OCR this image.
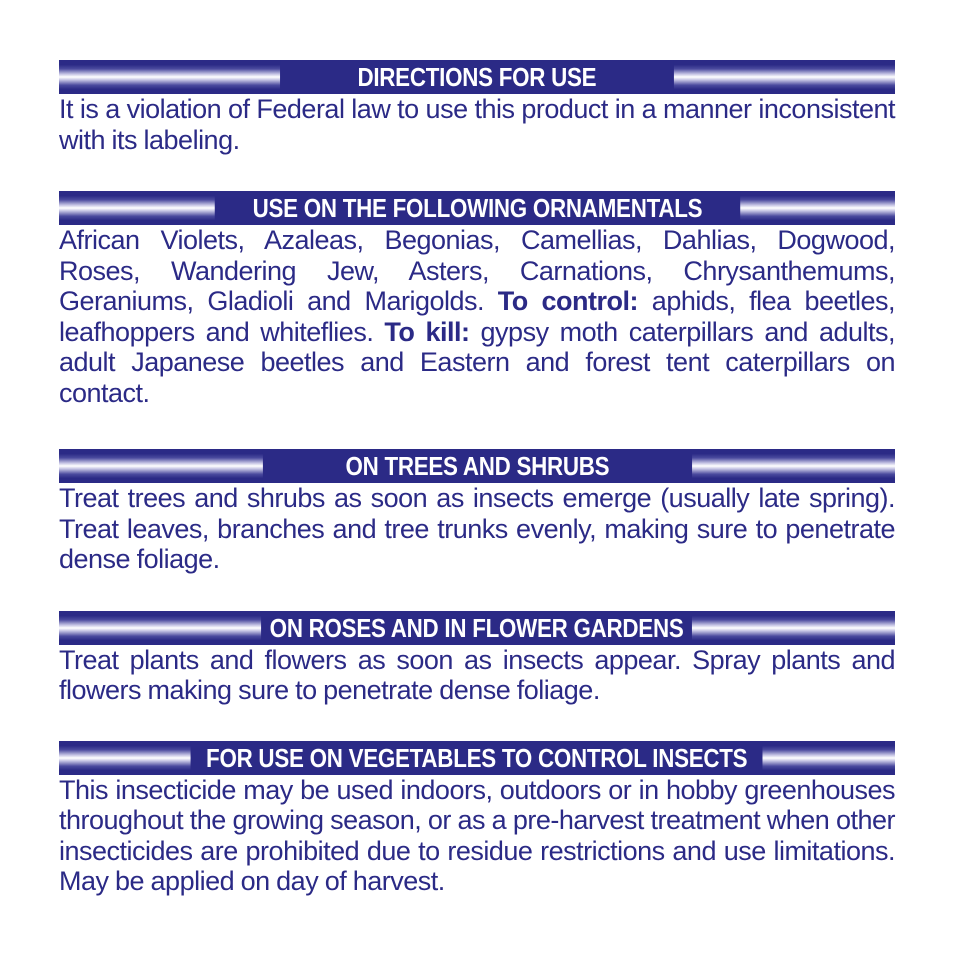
DIRECTIONS FOR USE

It is a violation of Federal law to use this product in a manner inconsistent with its labeling.

USE ON THE FOLLOWING ORNAMENTALS

African Violets, Azaleas, Begonias, Camellias, Dahlias, Dogwood, Roses, Wandering Jew, Asters, Carnations, Chrysanthemums, Geraniums, Gladioli and Marigolds. To control: aphids, flea beetles, leafhoppers and whiteflies. To kill: gypsy moth caterpillars and adults, adult Japanese beetles and Eastern and forest tent caterpillars on contact.

ON TREES AND SHRUBS

Treat trees and shrubs as soon as insects emerge (usually late spring). Treat leaves, branches and tree trunks evenly, making sure to penetrate dense foliage.

ON ROSES AND IN FLOWER GARDENS

Treat plants and flowers as soon as insects appear. Spray plants and flowers making sure to penetrate dense foliage.

FOR USE ON VEGETABLES TO CONTROL INSECTS

This insecticide may be used indoors, outdoors or in hobby greenhouses throughout the growing season, or as a pre-harvest treatment when other insecticides are prohibited due to residue restrictions and use limitations. May be applied on day of harvest.
